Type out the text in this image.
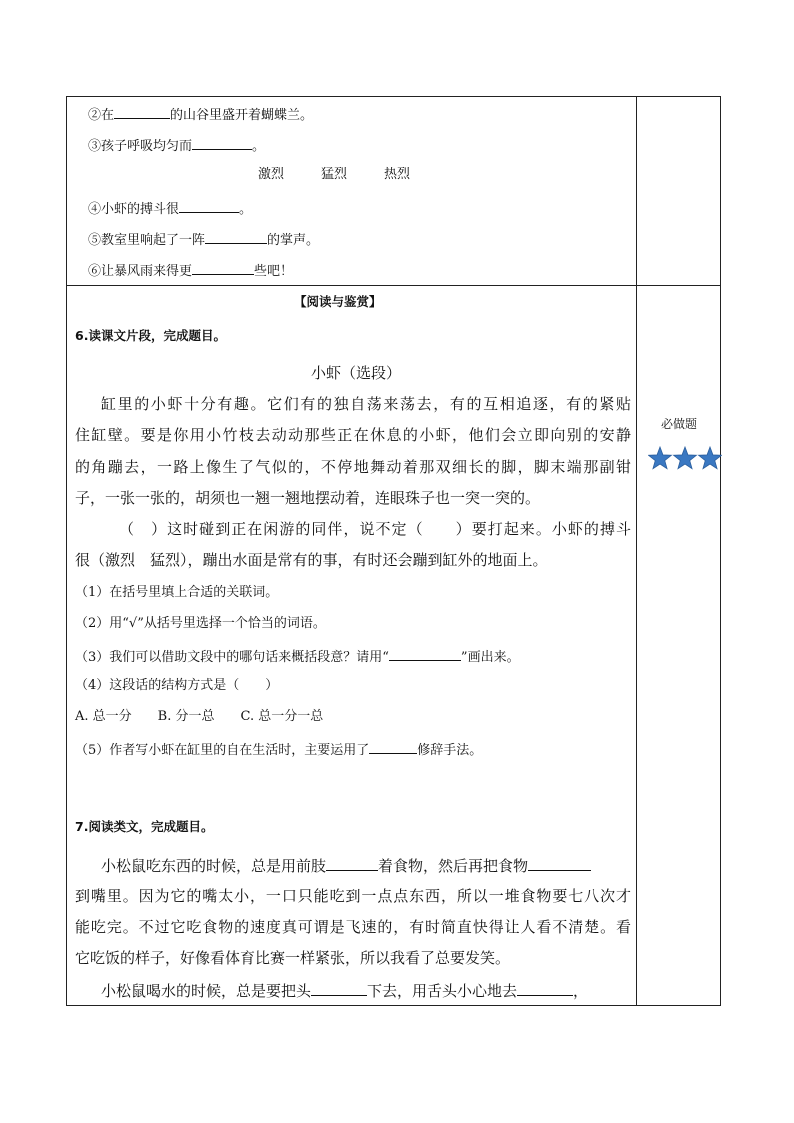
②在	的山谷里盛开着蝴蝶兰。
③孩子呼吸均匀而	。
激烈	猛烈	热烈
④小虾的搏斗很	。
⑤教室里响起了一阵	的掌声。
⑥让暴风雨来得更	些吧！
【阅读与鉴赏】
6.读课文片段，完成题目。
小虾（选段）
缸里的小虾十分有趣。它们有的独自荡来荡去，有的互相追逐，有的紧贴
住缸壁。要是你用小竹枝去动动那些正在休息的小虾，他们会立即向别的安静
的角蹦去，一路上像生了气似的，不停地舞动着那双细长的脚，脚末端那副钳
子，一张一张的，胡须也一翘一翘地摆动着，连眼珠子也一突一突的。
（　）这时碰到正在闲游的同伴，说不定（　　）要打起来。小虾的搏斗
很（激烈　猛烈），蹦出水面是常有的事，有时还会蹦到缸外的地面上。
（1）在括号里填上合适的关联词。
（2）用“√”从括号里选择一个恰当的词语。
（3）我们可以借助文段中的哪句话来概括段意？请用“	”画出来。
（4）这段话的结构方式是（　　）
A. 总一分　　B. 分一总　　C. 总一分一总
（5）作者写小虾在缸里的自在生活时，主要运用了	修辞手法。
7.阅读类文，完成题目。
小松鼠吃东西的时候，总是用前肢	着食物，然后再把食物
到嘴里。因为它的嘴太小，一口只能吃到一点点东西，所以一堆食物要七八次才
能吃完。不过它吃食物的速度真可谓是飞速的，有时简直快得让人看不清楚。看
它吃饭的样子，好像看体育比赛一样紧张，所以我看了总要发笑。
小松鼠喝水的时候，总是要把头	下去，用舌头小心地去	，
必做题
